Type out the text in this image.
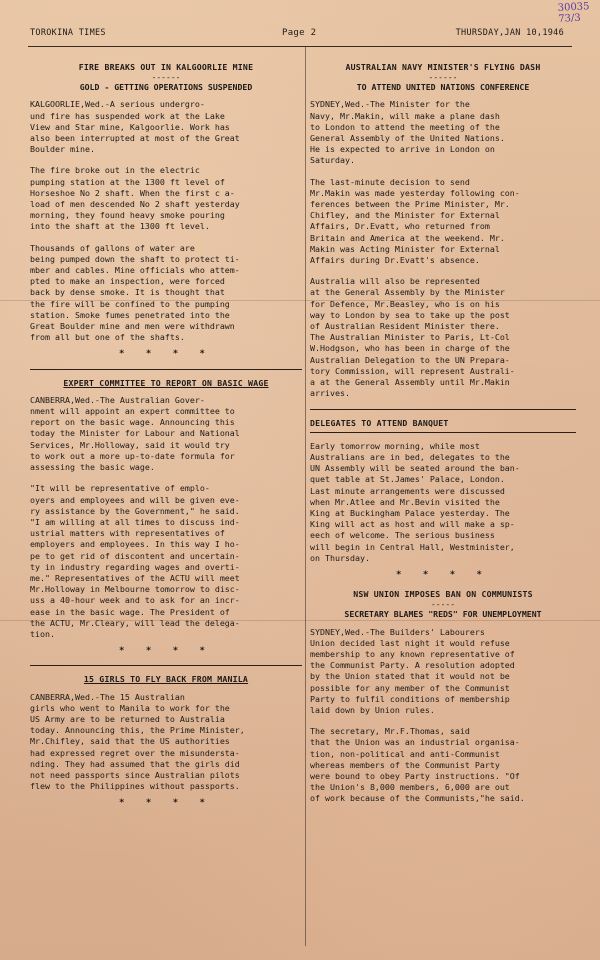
30035
73/3
TOROKINA TIMES	Page 2	THURSDAY,JAN 10,1946

FIRE BREAKS OUT IN KALGOORLIE MINE

------

GOLD - GETTING OPERATIONS SUSPENDED

KALGOORLIE,Wed.-A serious undergro-
und fire has suspended work at the Lake
View and Star mine, Kalgoorlie. Work has
also been interrupted at most of the Great
Boulder mine.

The fire broke out in the electric
pumping station at the 1300 ft level of
Horseshoe No 2 shaft. When the first c a-
load of men descended No 2 shaft yesterday
morning, they found heavy smoke pouring
into the shaft at the 1300 ft level.

Thousands of gallons of water are
being pumped down the shaft to protect ti-
mber and cables. Mine officials who attem-
pted to make an inspection, were forced
back by dense smoke. It is thought that
the fire will be confined to the pumping
station. Smoke fumes penetrated into the
Great Boulder mine and men were withdrawn
from all but one of the shafts.

* * * *

EXPERT COMMITTEE TO REPORT ON BASIC WAGE

CANBERRA,Wed.-The Australian Gover-
nment will appoint an expert committee to
report on the basic wage. Announcing this
today the Minister for Labour and National
Services, Mr.Holloway, said it would try
to work out a more up-to-date formula for
assessing the basic wage.

"It will be representative of emplo-
oyers and employees and will be given eve-
ry assistance by the Government," he said.
"I am willing at all times to discuss ind-
ustrial matters with representatives of
employers and employees. In this way I ho-
pe to get rid of discontent and uncertain-
ty in industry regarding wages and overti-
me." Representatives of the ACTU will meet
Mr.Holloway in Melbourne tomorrow to disc-
uss a 40-hour week and to ask for an incr-
ease in the basic wage. The President of
the ACTU, Mr.Cleary, will lead the delega-
tion.

* * * *

15 GIRLS TO FLY BACK FROM MANILA

CANBERRA,Wed.-The 15 Australian
girls who went to Manila to work for the
US Army are to be returned to Australia
today. Announcing this, the Prime Minister,
Mr.Chifley, said that the US authorities
had expressed regret over the misundersta-
nding. They had assumed that the girls did
not need passports since Australian pilots
flew to the Philippines without passports.

* * * *

AUSTRALIAN NAVY MINISTER'S FLYING DASH

------

TO ATTEND UNITED NATIONS CONFERENCE

SYDNEY,Wed.-The Minister for the
Navy, Mr.Makin, will make a plane dash
to London to attend the meeting of the
General Assembly of the United Nations.
He is expected to arrive in London on
Saturday.

The last-minute decision to send
Mr.Makin was made yesterday following con-
ferences between the Prime Minister, Mr.
Chifley, and the Minister for External
Affairs, Dr.Evatt, who returned from
Britain and America at the weekend. Mr.
Makin was Acting Minister for External
Affairs during Dr.Evatt's absence.

Australia will also be represented
at the General Assembly by the Minister
for Defence, Mr.Beasley, who is on his
way to London by sea to take up the post
of Australian Resident Minister there.
The Australian Minister to Paris, Lt-Col
W.Hodgson, who has been in charge of the
Australian Delegation to the UN Prepara-
tory Commission, will represent Australi-
a at the General Assembly until Mr.Makin
arrives.

DELEGATES TO ATTEND BANQUET

Early tomorrow morning, while most
Australians are in bed, delegates to the
UN Assembly will be seated around the ban-
quet table at St.James' Palace, London.
Last minute arrangements were discussed
when Mr.Atlee and Mr.Bevin visited the
King at Buckingham Palace yesterday. The
King will act as host and will make a sp-
eech of welcome. The serious business
will begin in Central Hall, Westminister,
on Thursday.

* * * *

NSW UNION IMPOSES BAN ON COMMUNISTS

-----

SECRETARY BLAMES "REDS" FOR UNEMPLOYMENT

SYDNEY,Wed.-The Builders' Labourers
Union decided last night it would refuse
membership to any known representative of
the Communist Party. A resolution adopted
by the Union stated that it would not be
possible for any member of the Communist
Party to fulfil conditions of membership
laid down by Union rules.

The secretary, Mr.F.Thomas, said
that the Union was an industrial organisa-
tion, non-political and anti-Communist
whereas members of the Communist Party
were bound to obey Party instructions. "Of
the Union's 8,000 members, 6,000 are out
of work because of the Communists,"he said.
